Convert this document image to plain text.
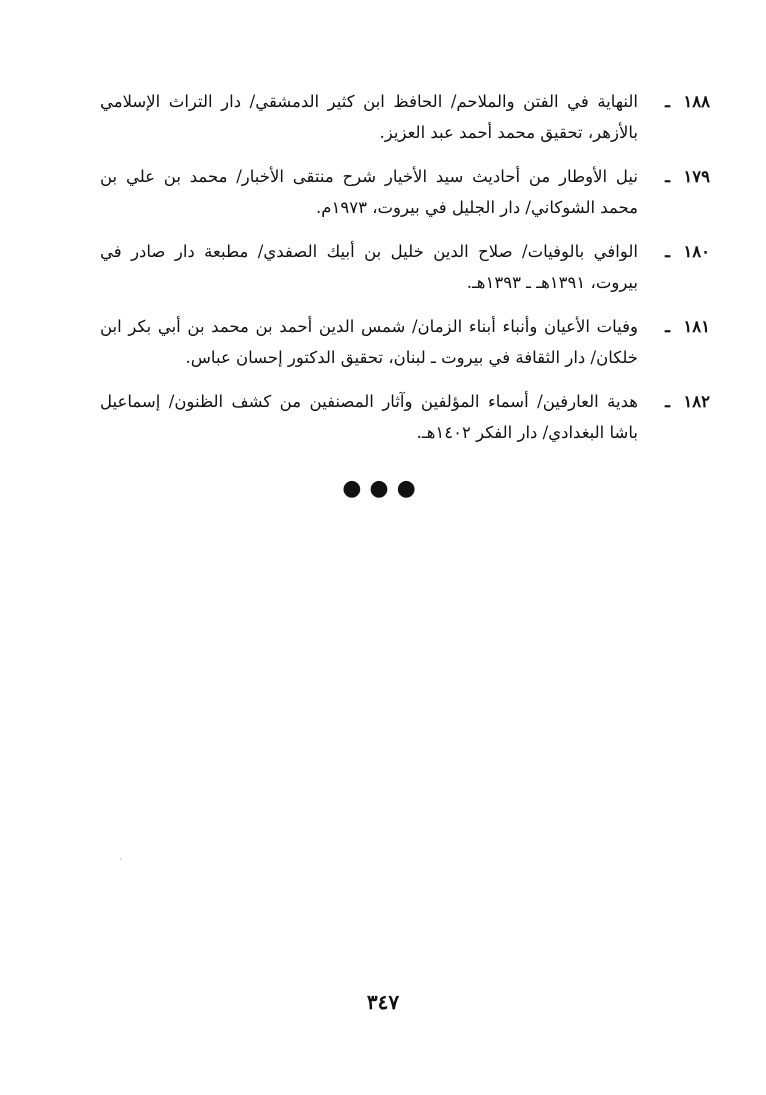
١٨٨
ـ
النهاية في الفتن والملاحم/ الحافظ ابن كثير الدمشقي/ دار التراث الإسلامي بالأزهر، تحقيق محمد أحمد عبد العزيز.
١٧٩
ـ
نيل الأوطار من أحاديث سيد الأخيار شرح منتقى الأخبار/ محمد بن علي بن محمد الشوكاني/ دار الجليل في بيروت، ١٩٧٣م.
١٨٠
ـ
الوافي بالوفيات/ صلاح الدين خليل بن أبيك الصفدي/ مطبعة دار صادر في بيروت، ١٣٩١هـ ـ ١٣٩٣هـ.
١٨١
ـ
وفيات الأعيان وأنباء أبناء الزمان/ شمس الدين أحمد بن محمد بن أبي بكر ابن خلكان/ دار الثقافة في بيروت ـ لبنان، تحقيق الدكتور إحسان عباس.
١٨٢
ـ
هدية العارفين/ أسماء المؤلفين وآثار المصنفين من كشف الظنون/ إسماعيل باشا البغدادي/ دار الفكر ١٤٠٢هـ.
●●●
٣٤٧
